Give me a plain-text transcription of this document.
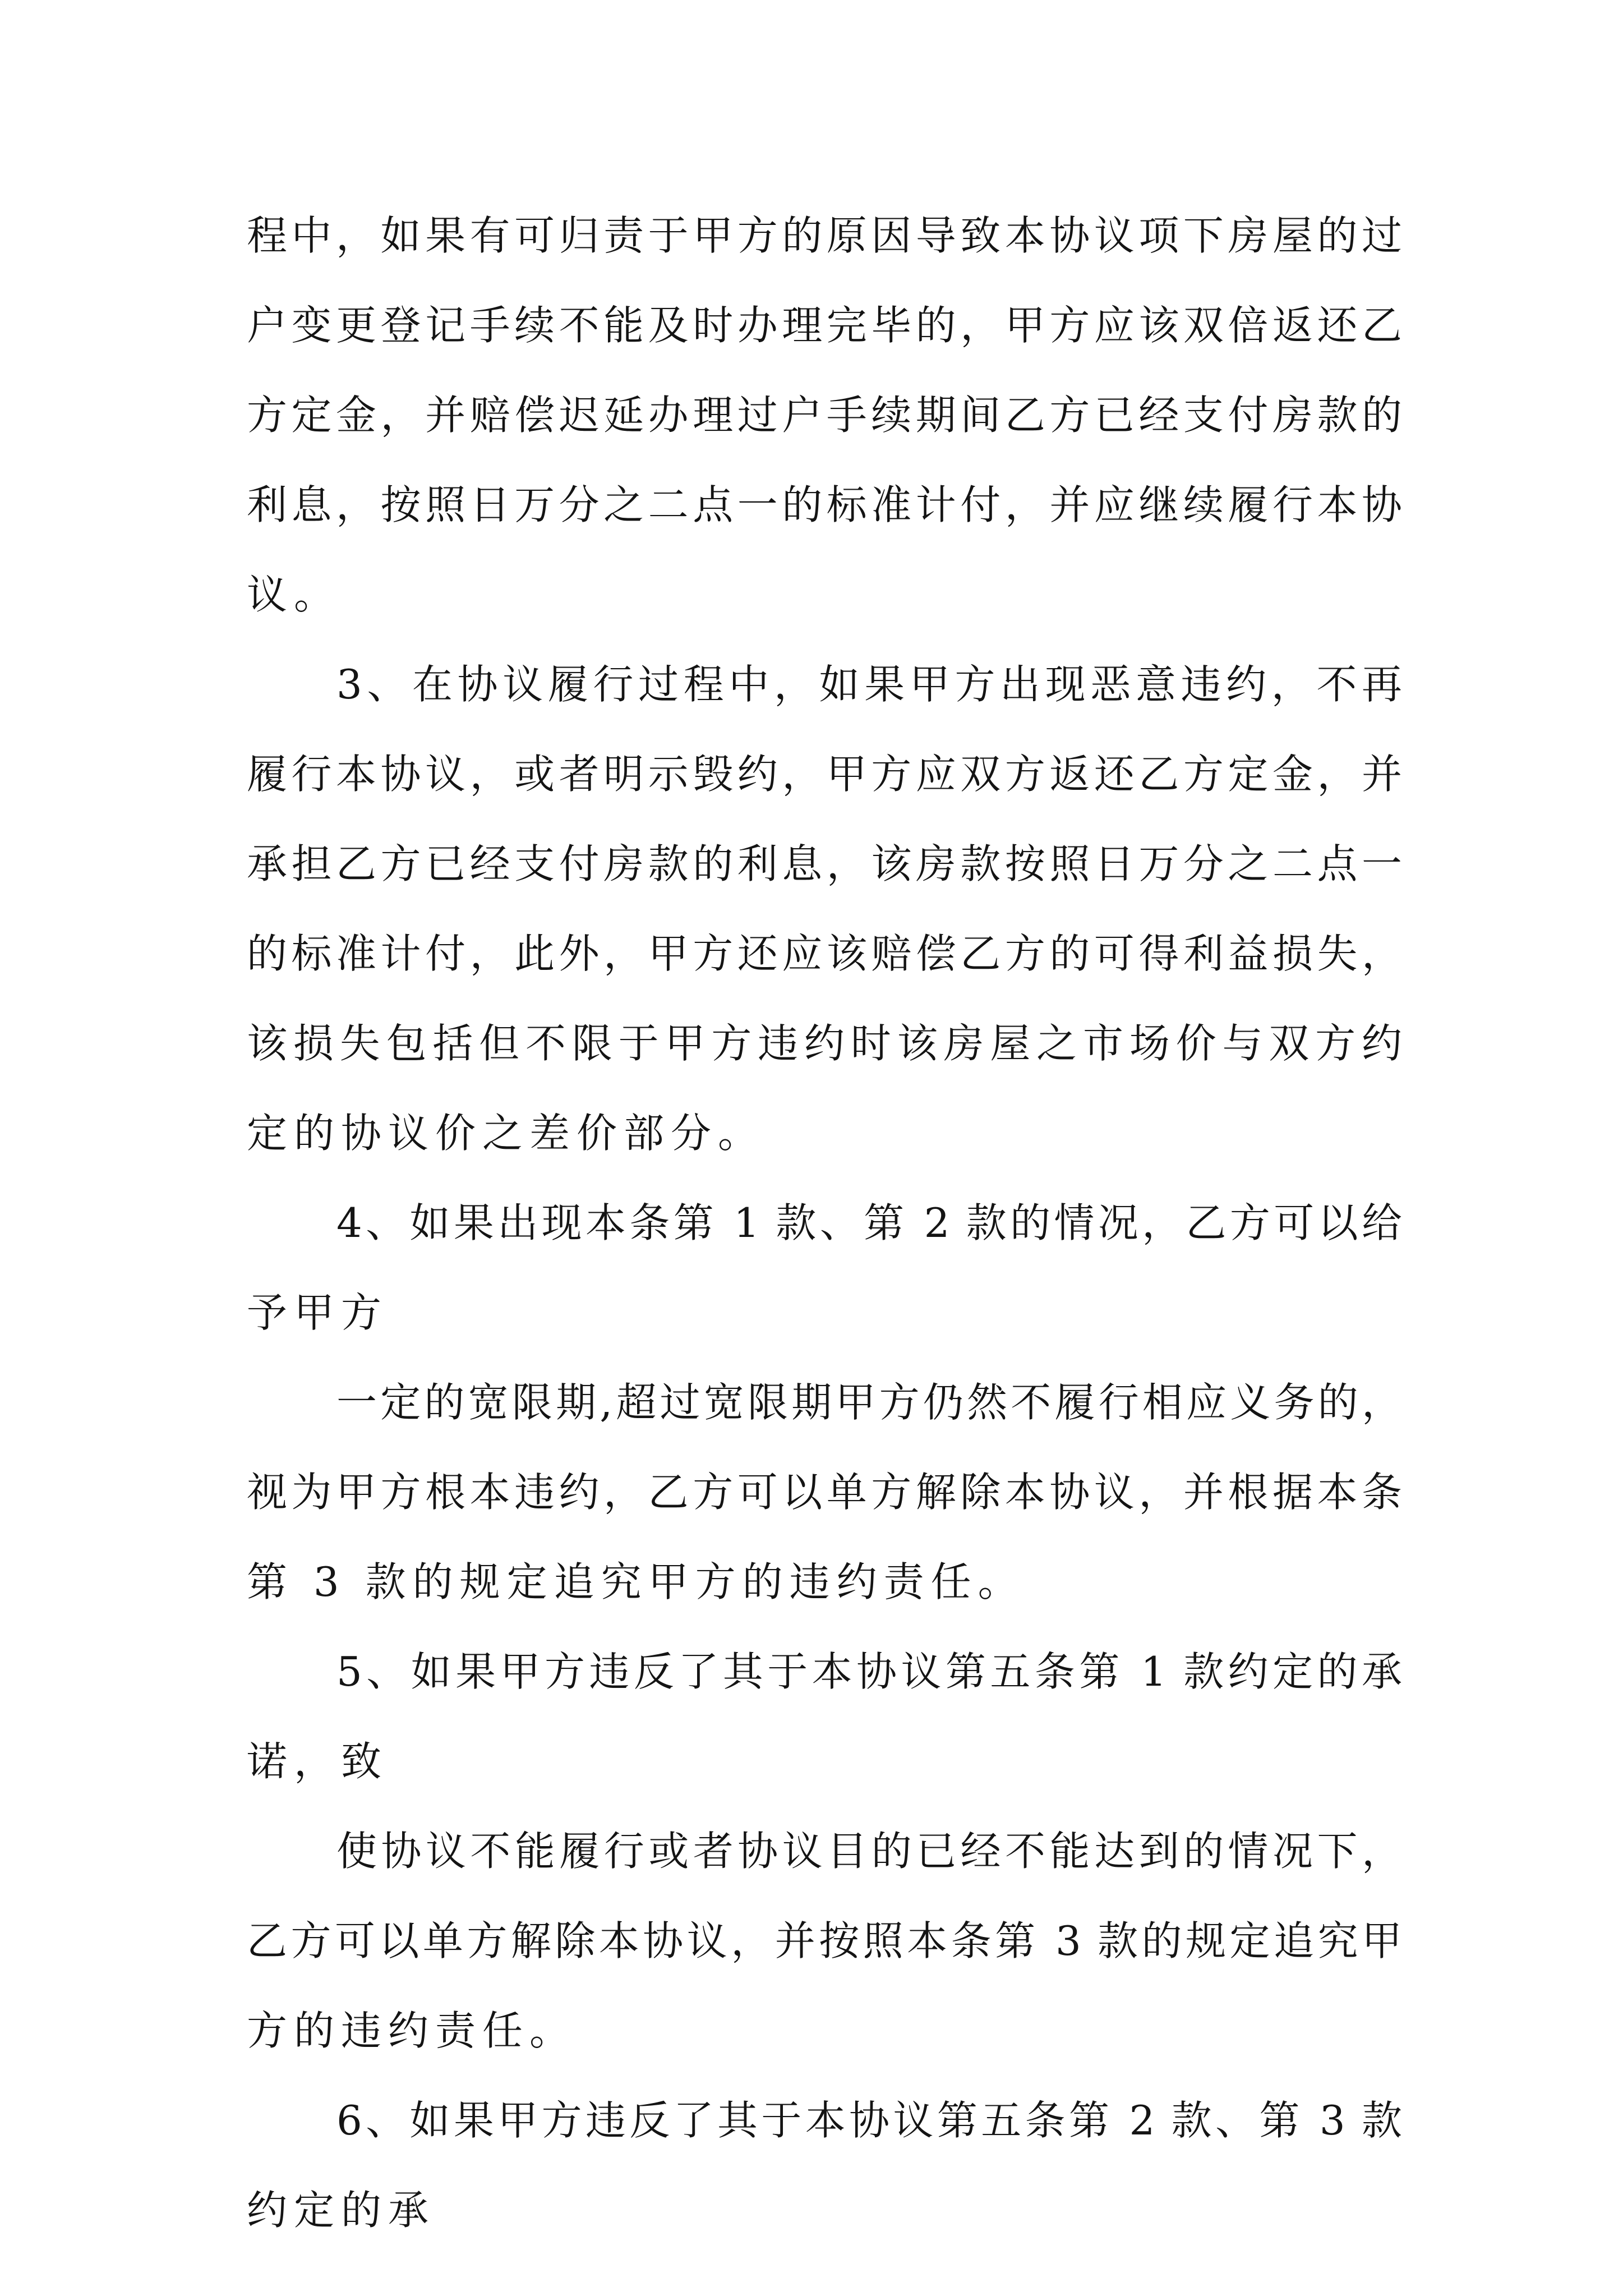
程中，如果有可归责于甲方的原因导致本协议项下房屋的过
户变更登记手续不能及时办理完毕的，甲方应该双倍返还乙
方定金，并赔偿迟延办理过户手续期间乙方已经支付房款的
利息，按照日万分之二点一的标准计付，并应继续履行本协
议。
3、在协议履行过程中，如果甲方出现恶意违约，不再
履行本协议，或者明示毁约，甲方应双方返还乙方定金，并
承担乙方已经支付房款的利息，该房款按照日万分之二点一
的标准计付，此外，甲方还应该赔偿乙方的可得利益损失，
该损失包括但不限于甲方违约时该房屋之市场价与双方约
定的协议价之差价部分。
4、如果出现本条第 1 款、第 2 款的情况，乙方可以给
予甲方
一定的宽限期,超过宽限期甲方仍然不履行相应义务的，
视为甲方根本违约，乙方可以单方解除本协议，并根据本条
第 3 款的规定追究甲方的违约责任。
5、如果甲方违反了其于本协议第五条第 1 款约定的承
诺，致
使协议不能履行或者协议目的已经不能达到的情况下，
乙方可以单方解除本协议，并按照本条第 3 款的规定追究甲
方的违约责任。
6、如果甲方违反了其于本协议第五条第 2 款、第 3 款
约定的承
